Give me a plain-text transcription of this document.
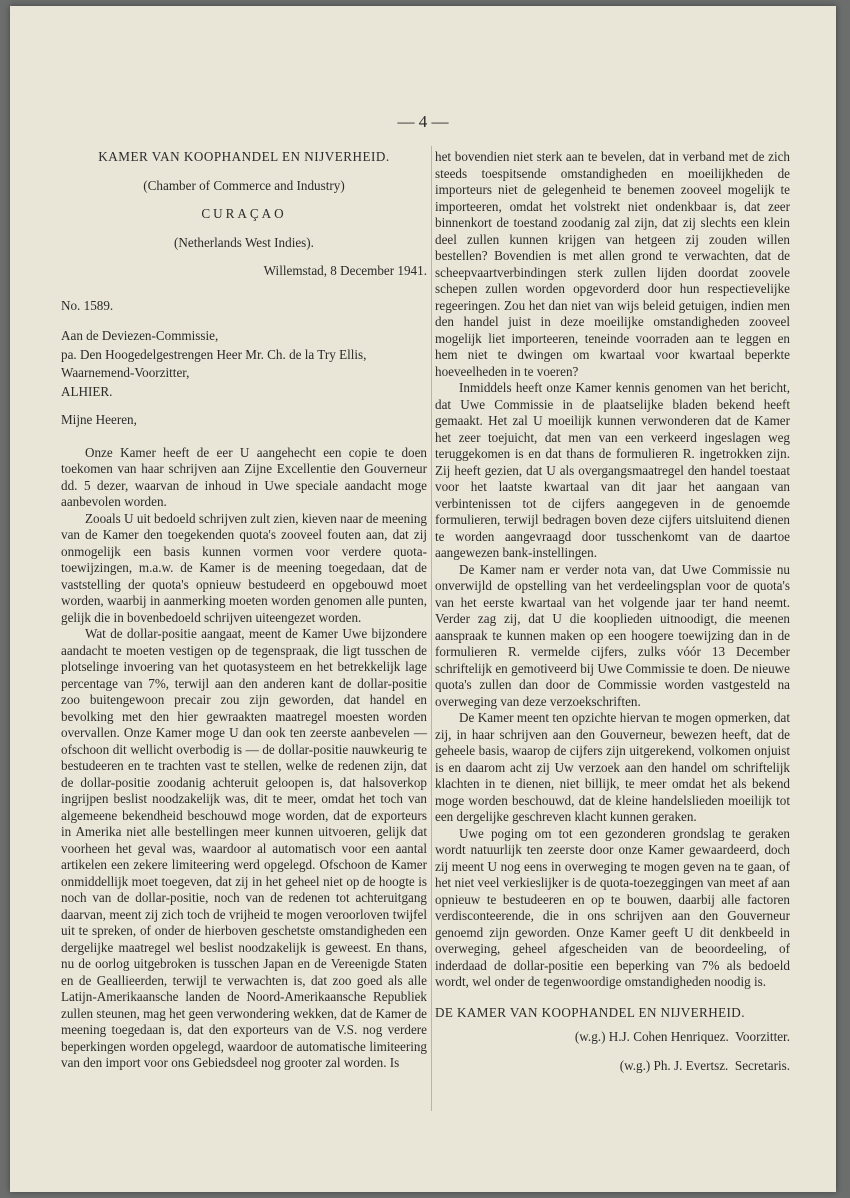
— 4 —
KAMER VAN KOOPHANDEL EN NIJVERHEID.
(Chamber of Commerce and Industry)
CURAÇAO
(Netherlands West Indies).
Willemstad, 8 December 1941.
No. 1589.
Aan de Deviezen-Commissie,
pa. Den Hoogedelgestrengen Heer Mr. Ch. de la Try Ellis,
Waarnemend-Voorzitter,
ALHIER.
Mijne Heeren,

Onze Kamer heeft de eer U aangehecht een copie te doen toekomen van haar schrijven aan Zijne Excellentie den Gouverneur dd. 5 dezer, waarvan de inhoud in Uwe speciale aandacht moge aanbevolen worden.

Zooals U uit bedoeld schrijven zult zien, kieven naar de meening van de Kamer den toegekenden quota's zooveel fouten aan, dat zij onmogelijk een basis kunnen vormen voor verdere quota-toewijzingen, m.a.w. de Kamer is de meening toegedaan, dat de vaststelling der quota's opnieuw bestudeerd en opgebouwd moet worden, waarbij in aanmerking moeten worden genomen alle punten, gelijk die in bovenbedoeld schrijven uiteengezet worden.

Wat de dollar-positie aangaat, meent de Kamer Uwe bijzondere aandacht te moeten vestigen op de tegenspraak, die ligt tusschen de plotselinge invoering van het quotasysteem en het betrekkelijk lage percentage van 7%, terwijl aan den anderen kant de dollar-positie zoo buitengewoon precair zou zijn geworden, dat handel en bevolking met den hier gewraakten maatregel moesten worden overvallen. Onze Kamer moge U dan ook ten zeerste aanbevelen — ofschoon dit wellicht overbodig is — de dollar-positie nauwkeurig te bestudeeren en te trachten vast te stellen, welke de redenen zijn, dat de dollar-positie zoodanig achteruit geloopen is, dat halsoverkop ingrijpen beslist noodzakelijk was, dit te meer, omdat het toch van algemeene bekendheid beschouwd moge worden, dat de exporteurs in Amerika niet alle bestellingen meer kunnen uitvoeren, gelijk dat voorheen het geval was, waardoor al automatisch voor een aantal artikelen een zekere limiteering werd opgelegd. Ofschoon de Kamer onmiddellijk moet toegeven, dat zij in het geheel niet op de hoogte is noch van de dollar-positie, noch van de redenen tot achteruitgang daarvan, meent zij zich toch de vrijheid te mogen veroorloven twijfel uit te spreken, of onder de hierboven geschetste omstandigheden een dergelijke maatregel wel beslist noodzakelijk is geweest. En thans, nu de oorlog uitgebroken is tusschen Japan en de Vereenigde Staten en de Geallieerden, terwijl te verwachten is, dat zoo goed als alle Latijn-Amerikaansche landen de Noord-Amerikaansche Republiek zullen steunen, mag het geen verwondering wekken, dat de Kamer de meening toegedaan is, dat den exporteurs van de V.S. nog verdere beperkingen worden opgelegd, waardoor de automatische limiteering van den import voor ons Gebiedsdeel nog grooter zal worden. Is

het bovendien niet sterk aan te bevelen, dat in verband met de zich steeds toespitsende omstandigheden en moeilijkheden de importeurs niet de gelegenheid te benemen zooveel mogelijk te importeeren, omdat het volstrekt niet ondenkbaar is, dat zeer binnenkort de toestand zoodanig zal zijn, dat zij slechts een klein deel zullen kunnen krijgen van hetgeen zij zouden willen bestellen? Bovendien is met allen grond te verwachten, dat de scheepvaartverbindingen sterk zullen lijden doordat zoovele schepen zullen worden opgevorderd door hun respectievelijke regeeringen. Zou het dan niet van wijs beleid getuigen, indien men den handel juist in deze moeilijke omstandigheden zooveel mogelijk liet importeeren, teneinde voorraden aan te leggen en hem niet te dwingen om kwartaal voor kwartaal beperkte hoeveelheden in te voeren?

Inmiddels heeft onze Kamer kennis genomen van het bericht, dat Uwe Commissie in de plaatselijke bladen bekend heeft gemaakt. Het zal U moeilijk kunnen verwonderen dat de Kamer het zeer toejuicht, dat men van een verkeerd ingeslagen weg teruggekomen is en dat thans de formulieren R. ingetrokken zijn. Zij heeft gezien, dat U als overgangsmaatregel den handel toestaat voor het laatste kwartaal van dit jaar het aangaan van verbintenissen tot de cijfers aangegeven in de genoemde formulieren, terwijl bedragen boven deze cijfers uitsluitend dienen te worden aangevraagd door tusschenkomt van de daartoe aangewezen bank-instellingen.

De Kamer nam er verder nota van, dat Uwe Commissie nu onverwijld de opstelling van het verdeelingsplan voor de quota's van het eerste kwartaal van het volgende jaar ter hand neemt. Verder zag zij, dat U die kooplieden uitnoodigt, die meenen aanspraak te kunnen maken op een hoogere toewijzing dan in de formulieren R. vermelde cijfers, zulks vóór 13 December schriftelijk en gemotiveerd bij Uwe Commissie te doen. De nieuwe quota's zullen dan door de Commissie worden vastgesteld na overweging van deze verzoekschriften.

De Kamer meent ten opzichte hiervan te mogen opmerken, dat zij, in haar schrijven aan den Gouverneur, bewezen heeft, dat de geheele basis, waarop de cijfers zijn uitgerekend, volkomen onjuist is en daarom acht zij Uw verzoek aan den handel om schriftelijk klachten in te dienen, niet billijk, te meer omdat het als bekend moge worden beschouwd, dat de kleine handelslieden moeilijk tot een dergelijke geschreven klacht kunnen geraken.

Uwe poging om tot een gezonderen grondslag te geraken wordt natuurlijk ten zeerste door onze Kamer gewaardeerd, doch zij meent U nog eens in overweging te mogen geven na te gaan, of het niet veel verkieslijker is de quota-toezeggingen van meet af aan opnieuw te bestudeeren en op te bouwen, daarbij alle factoren verdisconteerende, die in ons schrijven aan den Gouverneur genoemd zijn geworden. Onze Kamer geeft U dit denkbeeld in overweging, geheel afgescheiden van de beoordeeling, of inderdaad de dollar-positie een beperking van 7% als bedoeld wordt, wel onder de tegenwoordige omstandigheden noodig is.

DE KAMER VAN KOOPHANDEL EN NIJVERHEID.
(w.g.) H.J. Cohen Henriquez.  Voorzitter.
(w.g.) Ph. J. Evertsz.  Secretaris.
